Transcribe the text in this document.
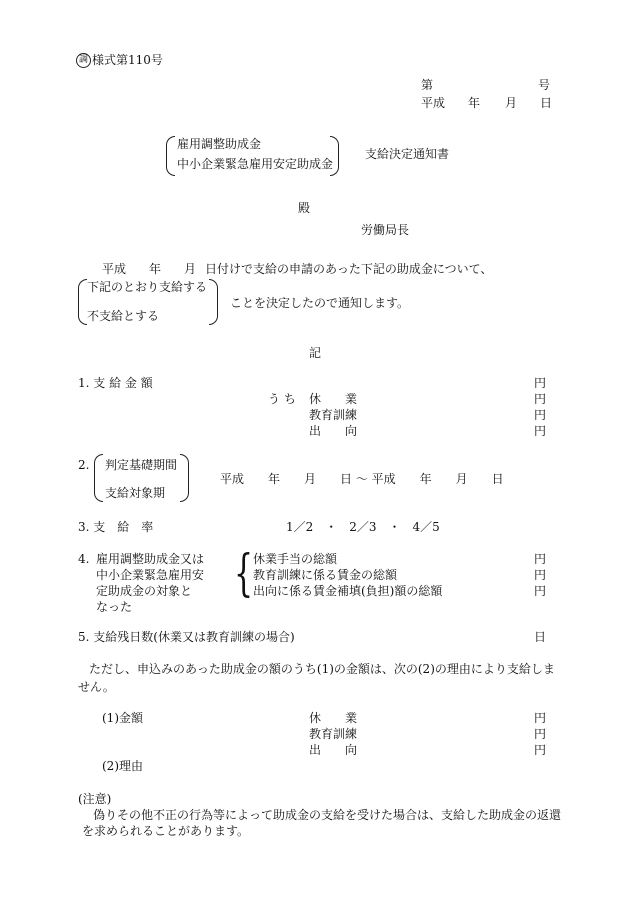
調 様式第110号
第	号
平成 年 月 日
雇用調整助成金
中小企業緊急雇用安定助成金
支給決定通知書
殿
労働局長
平成 年 月 日付けで支給の申請のあった下記の助成金について、
下記のとおり支給する
不支給とする
ことを決定したので通知します。
記
1. 支 給 金 額	円
う ち 休　　業	円
教育訓練	円
出　　向	円
2. 判定基礎期間
支給対象期
平成　　年　　月　　日 〜 平成　　年　　月　　日
3. 支　給　率	1／2　・　2／3　・　4／5
4. 雇用調整助成金又は
中小企業緊急雇用安
定助成金の対象と
なった
{ 休業手当の総額	円
教育訓練に係る賃金の総額	円
出向に係る賃金補填(負担)額の総額	円
5. 支給残日数(休業又は教育訓練の場合)	日
ただし、申込みのあった助成金の額のうち(1)の金額は、次の(2)の理由により支給しま
せん。
(1)金額	休　　業	円
教育訓練	円
出　　向	円
(2)理由
(注意)
偽りその他不正の行為等によって助成金の支給を受けた場合は、支給した助成金の返還
を求められることがあります。
